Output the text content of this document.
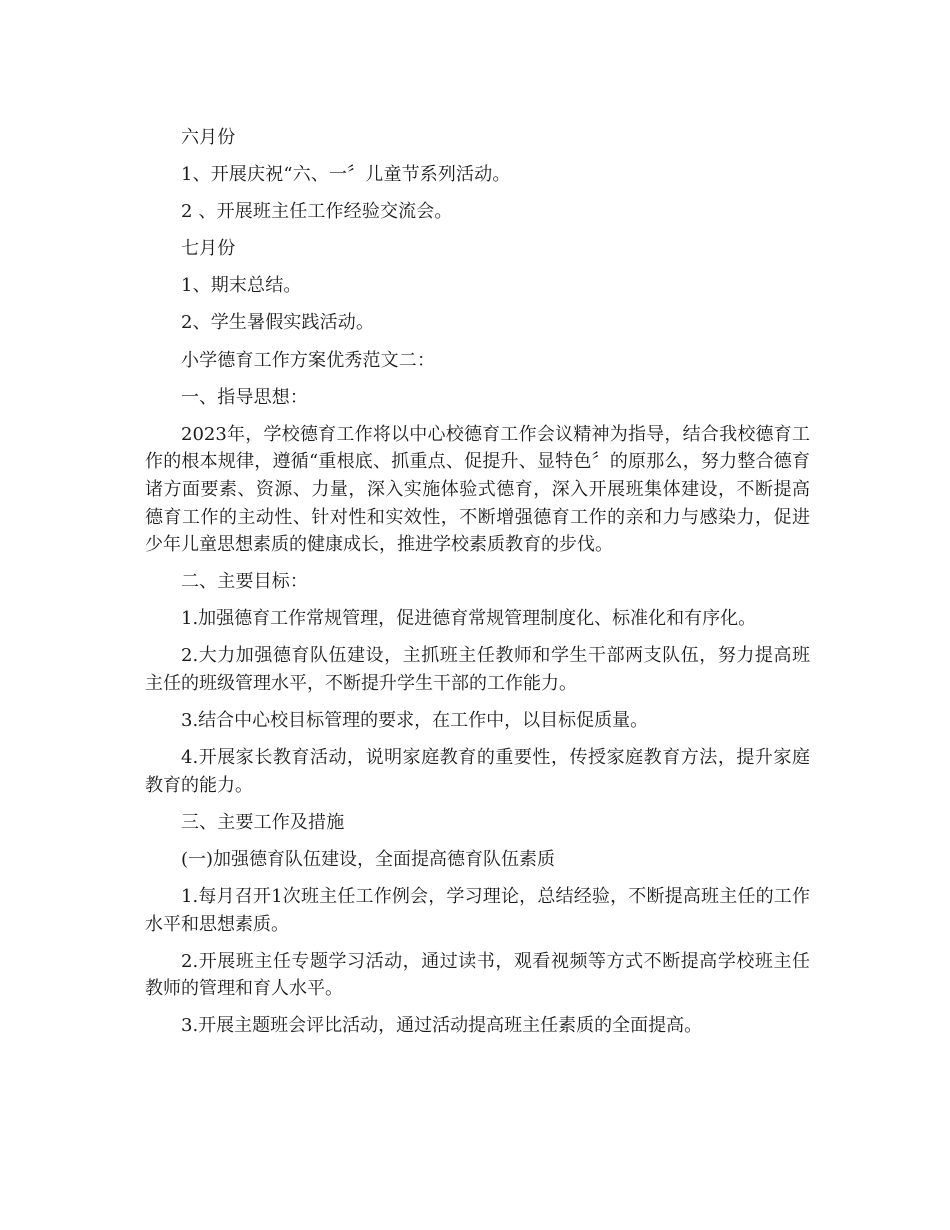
六月份

1、开展庆祝“六、一〞儿童节系列活动。

2 、开展班主任工作经验交流会。

七月份

1、期末总结。

2、学生暑假实践活动。

小学德育工作方案优秀范文二：

一、指导思想：

2023年，学校德育工作将以中心校德育工作会议精神为指导，结合我校德育工作的根本规律，遵循“重根底、抓重点、促提升、显特色〞的原那么，努力整合德育诸方面要素、资源、力量，深入实施体验式德育，深入开展班集体建设，不断提高德育工作的主动性、针对性和实效性，不断增强德育工作的亲和力与感染力，促进少年儿童思想素质的健康成长，推进学校素质教育的步伐。

二、主要目标：

1.加强德育工作常规管理，促进德育常规管理制度化、标准化和有序化。

2.大力加强德育队伍建设，主抓班主任教师和学生干部两支队伍，努力提高班主任的班级管理水平，不断提升学生干部的工作能力。

3.结合中心校目标管理的要求，在工作中，以目标促质量。

4.开展家长教育活动，说明家庭教育的重要性，传授家庭教育方法，提升家庭教育的能力。

三、主要工作及措施

(一)加强德育队伍建设，全面提高德育队伍素质

1.每月召开1次班主任工作例会，学习理论，总结经验，不断提高班主任的工作水平和思想素质。

2.开展班主任专题学习活动，通过读书，观看视频等方式不断提高学校班主任教师的管理和育人水平。

3.开展主题班会评比活动，通过活动提高班主任素质的全面提高。
